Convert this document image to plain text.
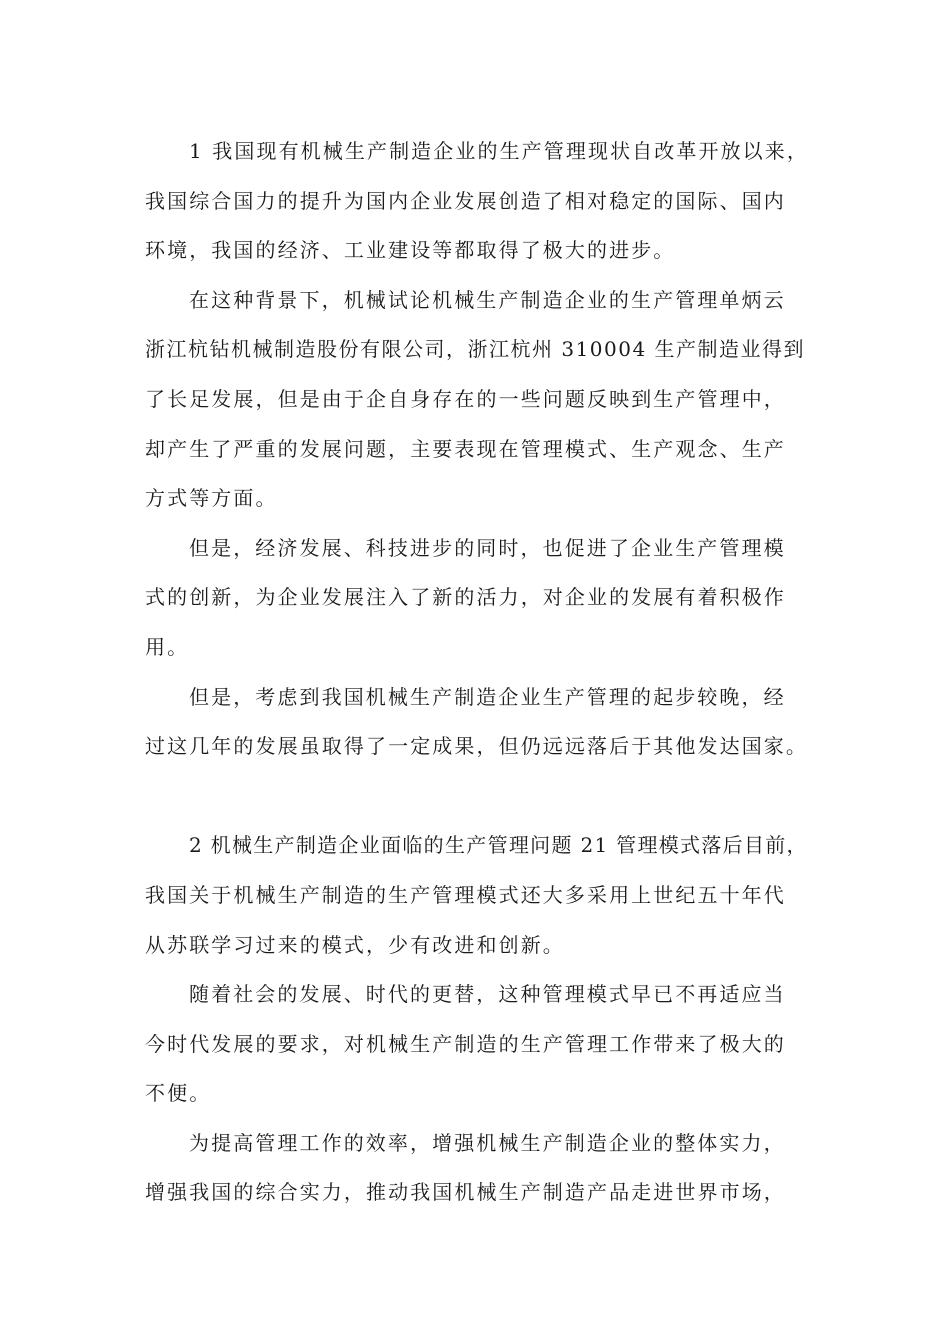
1 我国现有机械生产制造企业的生产管理现状自改革开放以来，
我国综合国力的提升为国内企业发展创造了相对稳定的国际、国内
环境，我国的经济、工业建设等都取得了极大的进步。
在这种背景下，机械试论机械生产制造企业的生产管理单炳云
浙江杭钻机械制造股份有限公司，浙江杭州 310004 生产制造业得到
了长足发展，但是由于企自身存在的一些问题反映到生产管理中，
却产生了严重的发展问题，主要表现在管理模式、生产观念、生产
方式等方面。
但是，经济发展、科技进步的同时，也促进了企业生产管理模
式的创新，为企业发展注入了新的活力，对企业的发展有着积极作
用。
但是，考虑到我国机械生产制造企业生产管理的起步较晚，经
过这几年的发展虽取得了一定成果，但仍远远落后于其他发达国家。
2 机械生产制造企业面临的生产管理问题 21 管理模式落后目前，
我国关于机械生产制造的生产管理模式还大多采用上世纪五十年代
从苏联学习过来的模式，少有改进和创新。
随着社会的发展、时代的更替，这种管理模式早已不再适应当
今时代发展的要求，对机械生产制造的生产管理工作带来了极大的
不便。
为提高管理工作的效率，增强机械生产制造企业的整体实力，
增强我国的综合实力，推动我国机械生产制造产品走进世界市场，
